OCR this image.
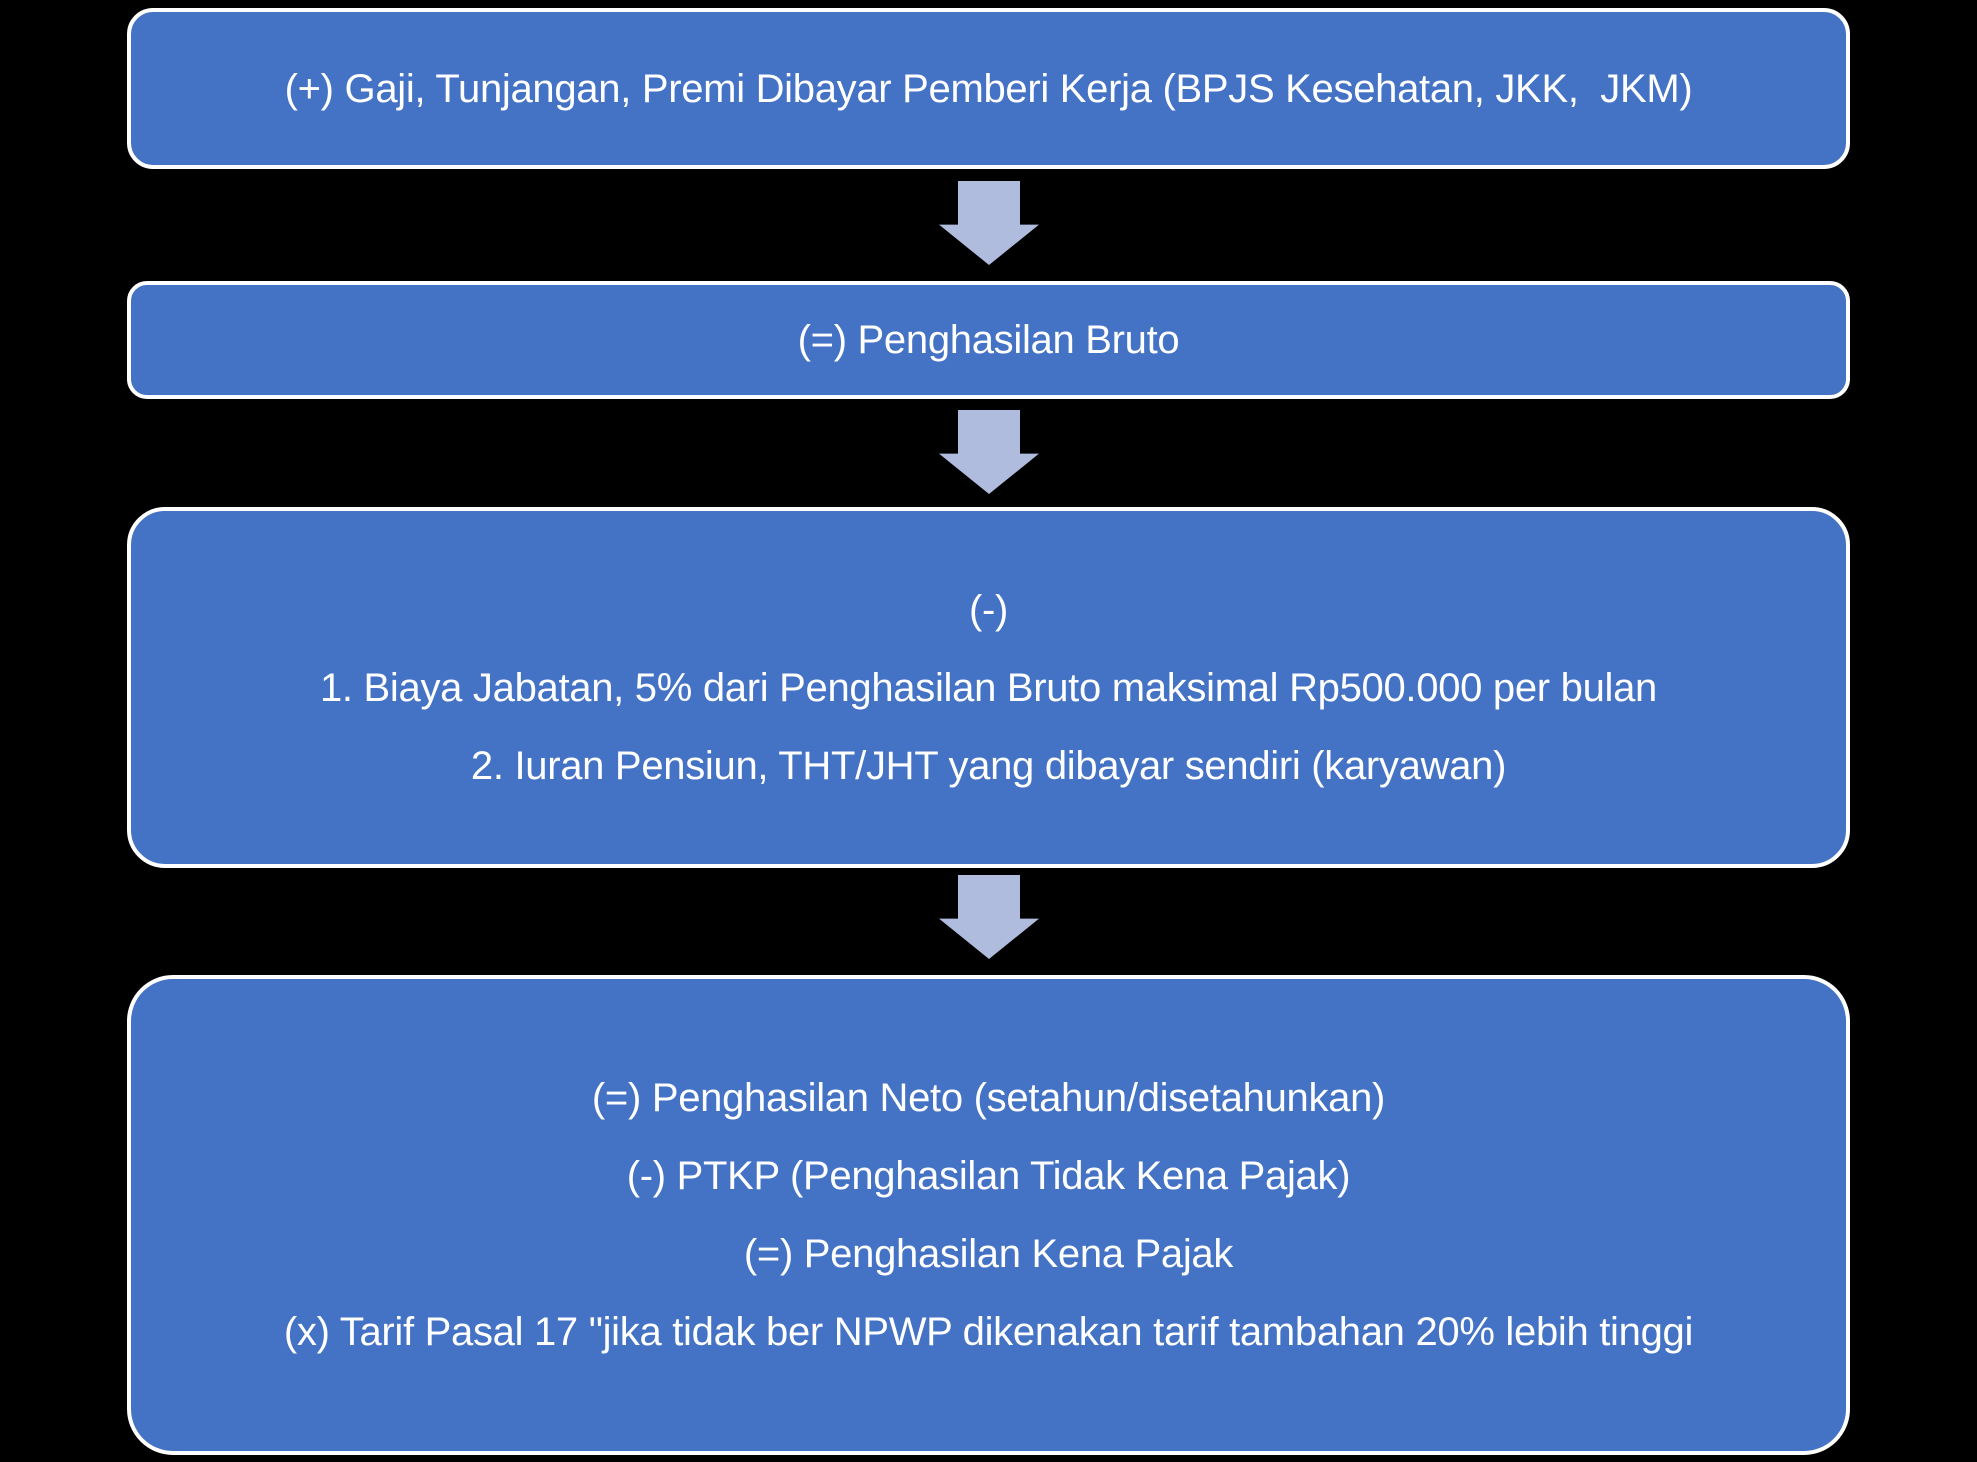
(+) Gaji, Tunjangan, Premi Dibayar Pemberi Kerja (BPJS Kesehatan, JKK,  JKM)
(=) Penghasilan Bruto
(-)
1. Biaya Jabatan, 5% dari Penghasilan Bruto maksimal Rp500.000 per bulan
2. Iuran Pensiun, THT/JHT yang dibayar sendiri (karyawan)
(=) Penghasilan Neto (setahun/disetahunkan)
(-) PTKP (Penghasilan Tidak Kena Pajak)
(=) Penghasilan Kena Pajak
(x) Tarif Pasal 17 "jika tidak ber NPWP dikenakan tarif tambahan 20% lebih tinggi
